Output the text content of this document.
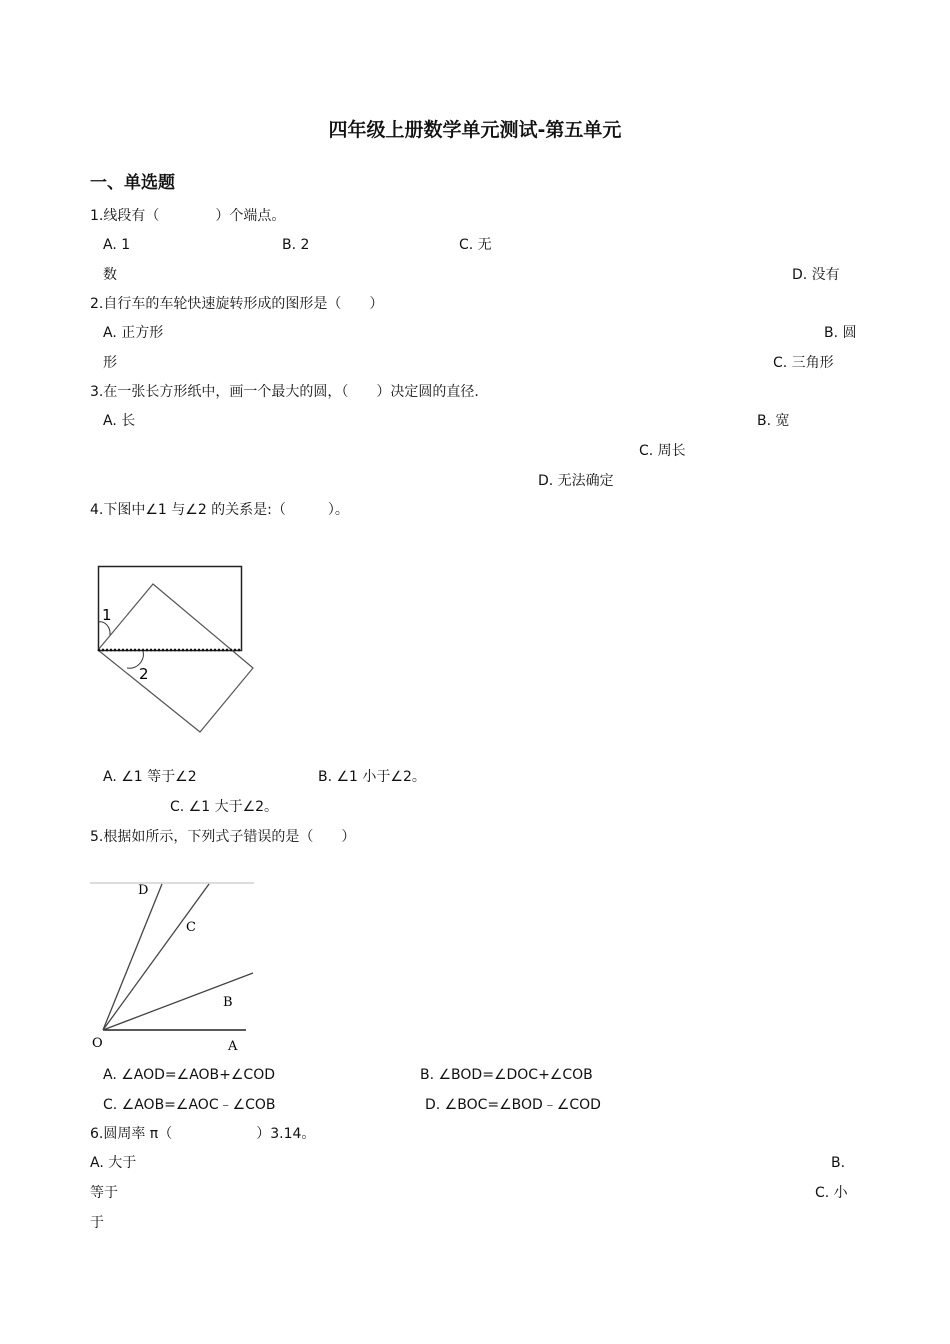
四年级上册数学单元测试-第五单元
一、单选题
1.线段有（　　　　）个端点。
A. 1	B. 2	C. 无
数	D. 没有
2.自行车的车轮快速旋转形成的图形是（　　）
A. 正方形	B. 圆
形	C. 三角形
3.在一张长方形纸中，画一个最大的圆，（　　）决定圆的直径.
A. 长	B. 宽
C. 周长
D. 无法确定
4.下图中∠1 与∠2 的关系是:（　　　）。
1
2
D
C
B
O	A
A. ∠1 等于∠2	B. ∠1 小于∠2。
C. ∠1 大于∠2。
5.根据如所示，下列式子错误的是（　　）
A. ∠AOD=∠AOB+∠COD	B. ∠BOD=∠DOC+∠COB
C. ∠AOB=∠AOC﹣∠COB	D. ∠BOC=∠BOD﹣∠COD
6.圆周率 π（　　　　　　）3.14。
A. 大于	B.
等于	C. 小
于
